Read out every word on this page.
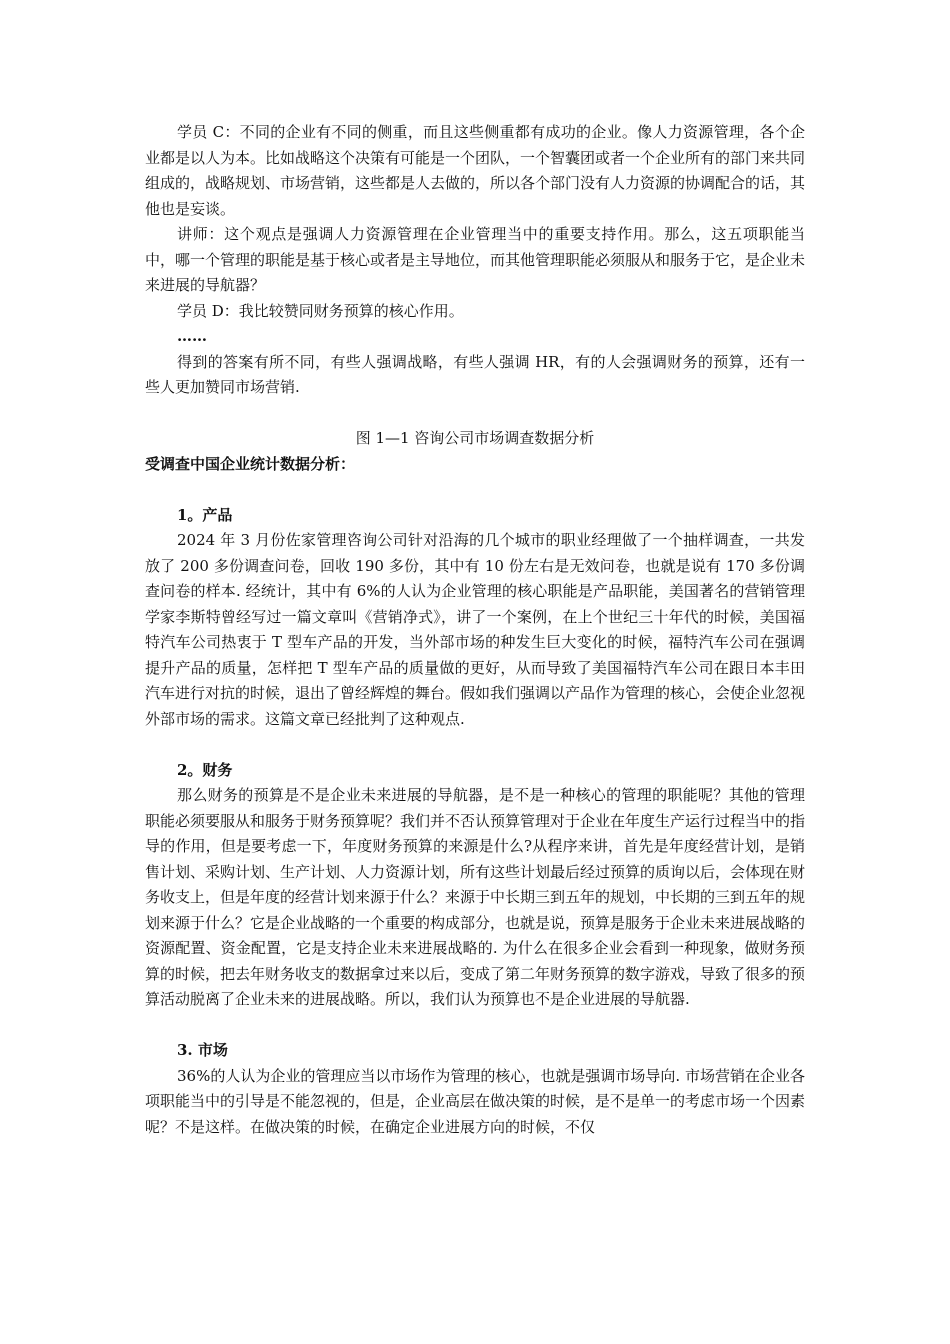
学员 C：不同的企业有不同的侧重，而且这些侧重都有成功的企业。像人力资源管理，各个企业都是以人为本。比如战略这个决策有可能是一个团队，一个智囊团或者一个企业所有的部门来共同组成的，战略规划、市场营销，这些都是人去做的，所以各个部门没有人力资源的协调配合的话，其他也是妄谈。

讲师：这个观点是强调人力资源管理在企业管理当中的重要支持作用。那么，这五项职能当中，哪一个管理的职能是基于核心或者是主导地位，而其他管理职能必须服从和服务于它，是企业未来进展的导航器？

学员 D：我比较赞同财务预算的核心作用。

……

得到的答案有所不同，有些人强调战略，有些人强调 HR，有的人会强调财务的预算，还有一些人更加赞同市场营销.

图 1—1 咨询公司市场调查数据分析

受调查中国企业统计数据分析：

1。产品

2024 年 3 月份佐家管理咨询公司针对沿海的几个城市的职业经理做了一个抽样调查，一共发放了 200 多份调查问卷，回收 190 多份，其中有 10 份左右是无效问卷，也就是说有 170 多份调查问卷的样本. 经统计，其中有 6%的人认为企业管理的核心职能是产品职能，美国著名的营销管理学家李斯特曾经写过一篇文章叫《营销净式》，讲了一个案例，在上个世纪三十年代的时候，美国福特汽车公司热衷于 T 型车产品的开发，当外部市场的种发生巨大变化的时候，福特汽车公司在强调提升产品的质量，怎样把 T 型车产品的质量做的更好，从而导致了美国福特汽车公司在跟日本丰田汽车进行对抗的时候，退出了曾经辉煌的舞台。假如我们强调以产品作为管理的核心，会使企业忽视外部市场的需求。这篇文章已经批判了这种观点.

2。财务

那么财务的预算是不是企业未来进展的导航器，是不是一种核心的管理的职能呢？其他的管理职能必须要服从和服务于财务预算呢？我们并不否认预算管理对于企业在年度生产运行过程当中的指导的作用，但是要考虑一下，年度财务预算的来源是什么?从程序来讲，首先是年度经营计划，是销售计划、采购计划、生产计划、人力资源计划，所有这些计划最后经过预算的质询以后，会体现在财务收支上，但是年度的经营计划来源于什么？来源于中长期三到五年的规划，中长期的三到五年的规划来源于什么？它是企业战略的一个重要的构成部分，也就是说，预算是服务于企业未来进展战略的资源配置、资金配置，它是支持企业未来进展战略的. 为什么在很多企业会看到一种现象，做财务预算的时候，把去年财务收支的数据拿过来以后，变成了第二年财务预算的数字游戏，导致了很多的预算活动脱离了企业未来的进展战略。所以，我们认为预算也不是企业进展的导航器.

3. 市场

36%的人认为企业的管理应当以市场作为管理的核心，也就是强调市场导向. 市场营销在企业各项职能当中的引导是不能忽视的，但是，企业高层在做决策的时候，是不是单一的考虑市场一个因素呢？不是这样。在做决策的时候，在确定企业进展方向的时候，不仅
